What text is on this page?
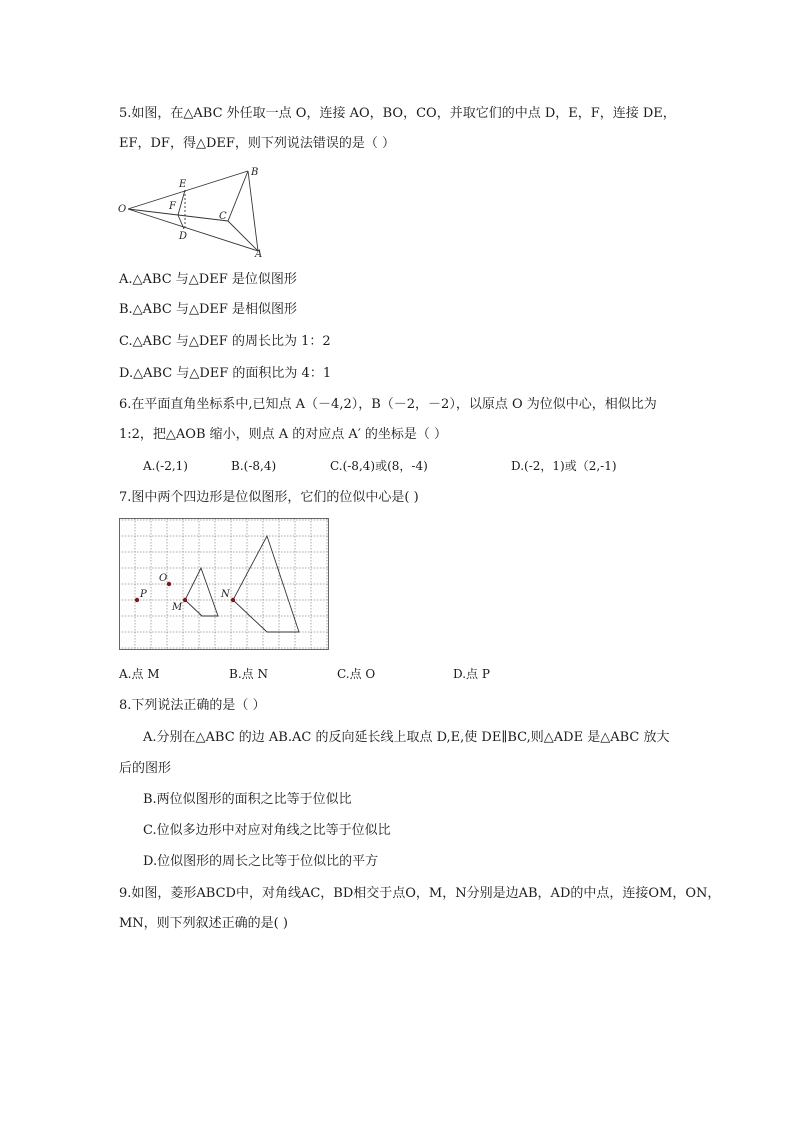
5.如图，在△ABC 外任取一点 O，连接 AO，BO，CO，并取它们的中点 D，E，F，连接 DE，
EF，DF，得△DEF，则下列说法错误的是（ ）
O
E
F
D
B
C
A
A.△ABC 与△DEF 是位似图形
B.△ABC 与△DEF 是相似图形
C.△ABC 与△DEF 的周长比为 1：2
D.△ABC 与△DEF 的面积比为 4：1
6.在平面直角坐标系中,已知点 A（－4,2），B（－2，－2），以原点 O 为位似中心，相似比为
1:2，把△AOB 缩小，则点 A 的对应点 A′ 的坐标是（ ）
A.(-2,1)	B.(-8,4)	C.(-8,4)或(8，-4)	D.(-2，1)或（2,-1)
7.图中两个四边形是位似图形，它们的位似中心是( )
O
P
M
N
A.点 M	B.点 N	C.点 O	D.点 P
8.下列说法正确的是（ ）
A.分别在△ABC 的边 AB.AC 的反向延长线上取点 D,E,使 DE∥BC,则△ADE 是△ABC 放大
后的图形
B.两位似图形的面积之比等于位似比
C.位似多边形中对应对角线之比等于位似比
D.位似图形的周长之比等于位似比的平方
9.如图，菱形ABCD中，对角线AC，BD相交于点O，M，N分别是边AB，AD的中点，连接OM，ON，
MN，则下列叙述正确的是( )
